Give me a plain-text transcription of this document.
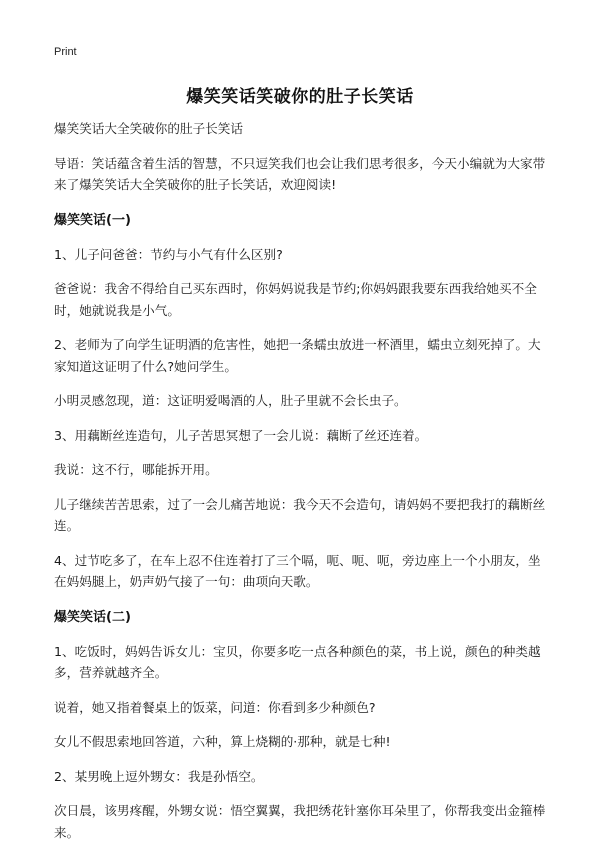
Print
爆笑笑话笑破你的肚子长笑话

爆笑笑话大全笑破你的肚子长笑话

导语：笑话蕴含着生活的智慧，不只逗笑我们也会让我们思考很多，今天小编就为大家带来了爆笑笑话大全笑破你的肚子长笑话，欢迎阅读!

爆笑笑话(一)

1、儿子问爸爸：节约与小气有什么区别?

爸爸说：我舍不得给自己买东西时，你妈妈说我是节约;你妈妈跟我要东西我给她买不全时，她就说我是小气。

2、老师为了向学生证明酒的危害性，她把一条蠕虫放进一杯酒里，蠕虫立刻死掉了。大家知道这证明了什么?她问学生。

小明灵感忽现，道：这证明爱喝酒的人，肚子里就不会长虫子。

3、用藕断丝连造句，儿子苦思冥想了一会儿说：藕断了丝还连着。

我说：这不行，哪能拆开用。

儿子继续苦苦思索，过了一会儿痛苦地说：我今天不会造句，请妈妈不要把我打的藕断丝连。

4、过节吃多了，在车上忍不住连着打了三个嗝，呃、呃、呃，旁边座上一个小朋友，坐在妈妈腿上，奶声奶气接了一句：曲项向天歌。

爆笑笑话(二)

1、吃饭时，妈妈告诉女儿：宝贝，你要多吃一点各种颜色的菜，书上说，颜色的种类越多，营养就越齐全。

说着，她又指着餐桌上的饭菜，问道：你看到多少种颜色?

女儿不假思索地回答道，六种，算上烧糊的·那种，就是七种!

2、某男晚上逗外甥女：我是孙悟空。

次日晨，该男疼醒，外甥女说：悟空翼翼，我把绣花针塞你耳朵里了，你帮我变出金箍棒来。
